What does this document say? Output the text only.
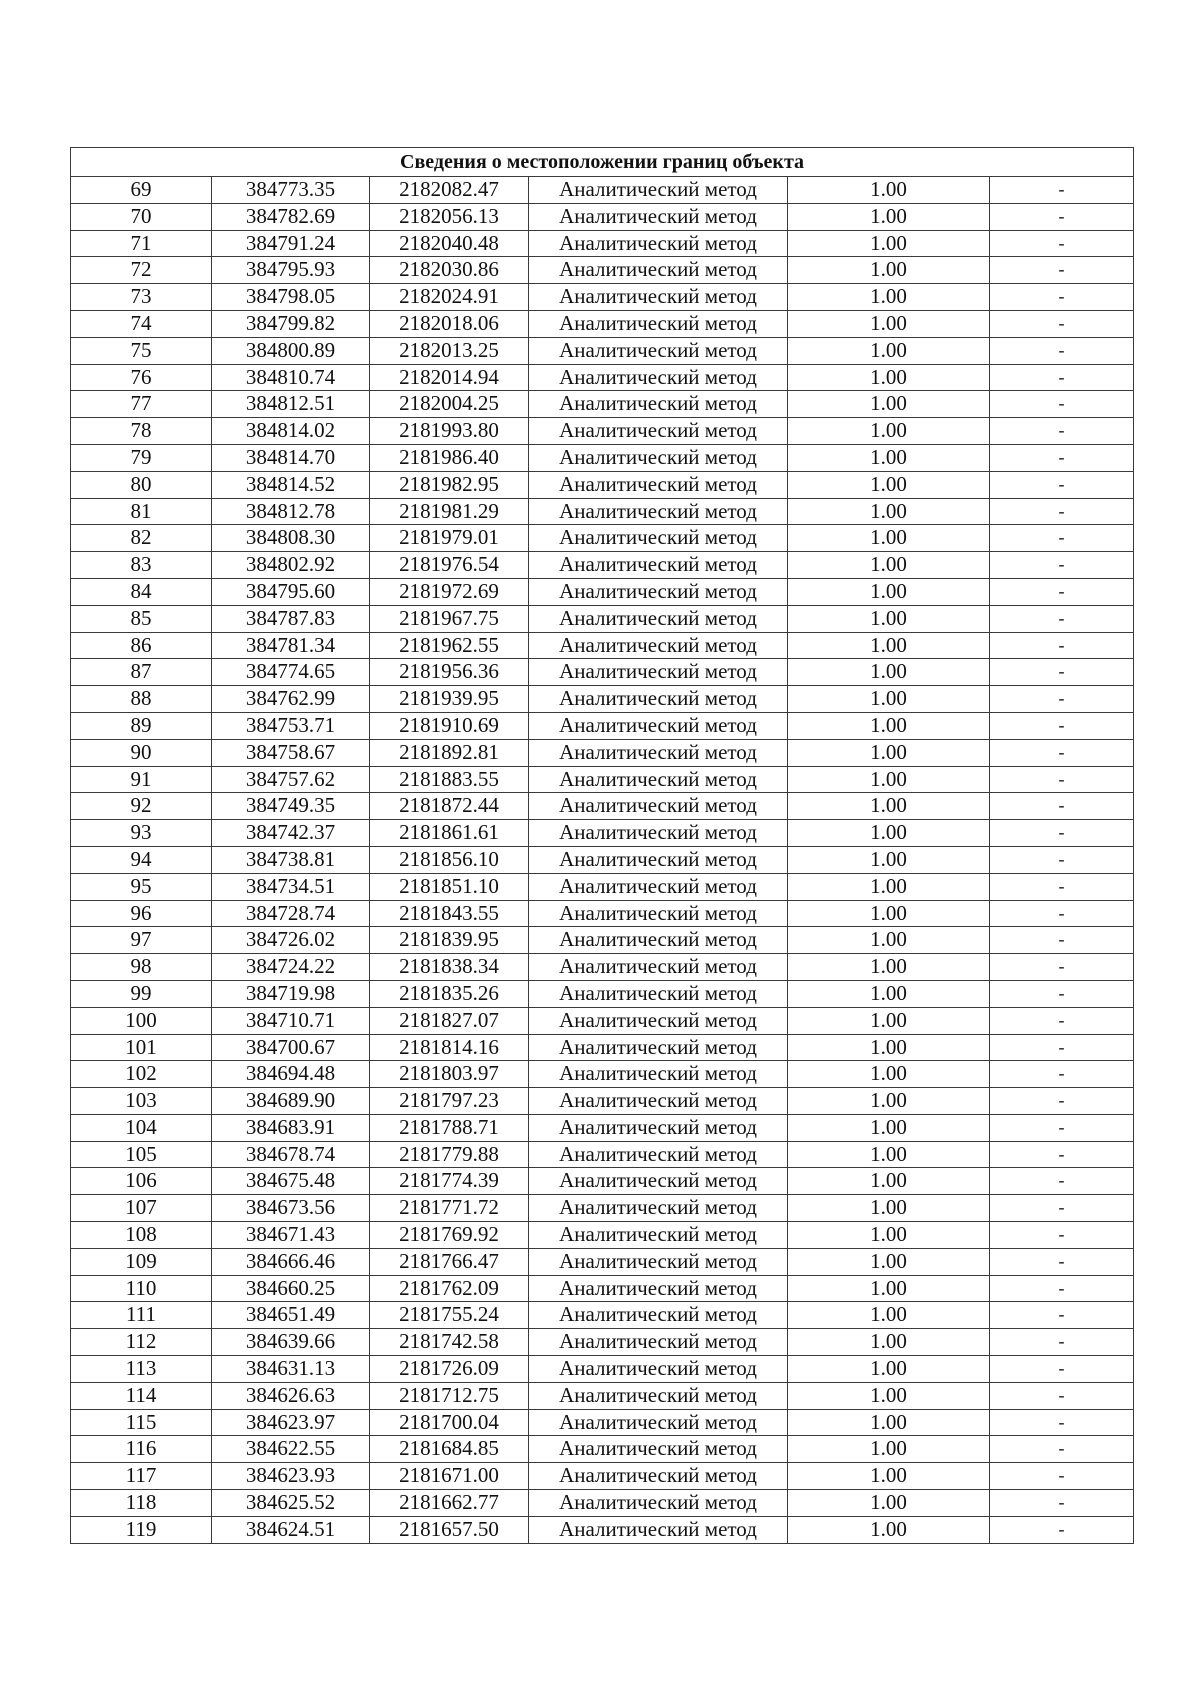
Сведения о местоположении границ объекта					
69	384773.35	2182082.47	Аналитический метод	1.00	-
70	384782.69	2182056.13	Аналитический метод	1.00	-
71	384791.24	2182040.48	Аналитический метод	1.00	-
72	384795.93	2182030.86	Аналитический метод	1.00	-
73	384798.05	2182024.91	Аналитический метод	1.00	-
74	384799.82	2182018.06	Аналитический метод	1.00	-
75	384800.89	2182013.25	Аналитический метод	1.00	-
76	384810.74	2182014.94	Аналитический метод	1.00	-
77	384812.51	2182004.25	Аналитический метод	1.00	-
78	384814.02	2181993.80	Аналитический метод	1.00	-
79	384814.70	2181986.40	Аналитический метод	1.00	-
80	384814.52	2181982.95	Аналитический метод	1.00	-
81	384812.78	2181981.29	Аналитический метод	1.00	-
82	384808.30	2181979.01	Аналитический метод	1.00	-
83	384802.92	2181976.54	Аналитический метод	1.00	-
84	384795.60	2181972.69	Аналитический метод	1.00	-
85	384787.83	2181967.75	Аналитический метод	1.00	-
86	384781.34	2181962.55	Аналитический метод	1.00	-
87	384774.65	2181956.36	Аналитический метод	1.00	-
88	384762.99	2181939.95	Аналитический метод	1.00	-
89	384753.71	2181910.69	Аналитический метод	1.00	-
90	384758.67	2181892.81	Аналитический метод	1.00	-
91	384757.62	2181883.55	Аналитический метод	1.00	-
92	384749.35	2181872.44	Аналитический метод	1.00	-
93	384742.37	2181861.61	Аналитический метод	1.00	-
94	384738.81	2181856.10	Аналитический метод	1.00	-
95	384734.51	2181851.10	Аналитический метод	1.00	-
96	384728.74	2181843.55	Аналитический метод	1.00	-
97	384726.02	2181839.95	Аналитический метод	1.00	-
98	384724.22	2181838.34	Аналитический метод	1.00	-
99	384719.98	2181835.26	Аналитический метод	1.00	-
100	384710.71	2181827.07	Аналитический метод	1.00	-
101	384700.67	2181814.16	Аналитический метод	1.00	-
102	384694.48	2181803.97	Аналитический метод	1.00	-
103	384689.90	2181797.23	Аналитический метод	1.00	-
104	384683.91	2181788.71	Аналитический метод	1.00	-
105	384678.74	2181779.88	Аналитический метод	1.00	-
106	384675.48	2181774.39	Аналитический метод	1.00	-
107	384673.56	2181771.72	Аналитический метод	1.00	-
108	384671.43	2181769.92	Аналитический метод	1.00	-
109	384666.46	2181766.47	Аналитический метод	1.00	-
110	384660.25	2181762.09	Аналитический метод	1.00	-
111	384651.49	2181755.24	Аналитический метод	1.00	-
112	384639.66	2181742.58	Аналитический метод	1.00	-
113	384631.13	2181726.09	Аналитический метод	1.00	-
114	384626.63	2181712.75	Аналитический метод	1.00	-
115	384623.97	2181700.04	Аналитический метод	1.00	-
116	384622.55	2181684.85	Аналитический метод	1.00	-
117	384623.93	2181671.00	Аналитический метод	1.00	-
118	384625.52	2181662.77	Аналитический метод	1.00	-
119	384624.51	2181657.50	Аналитический метод	1.00	-
